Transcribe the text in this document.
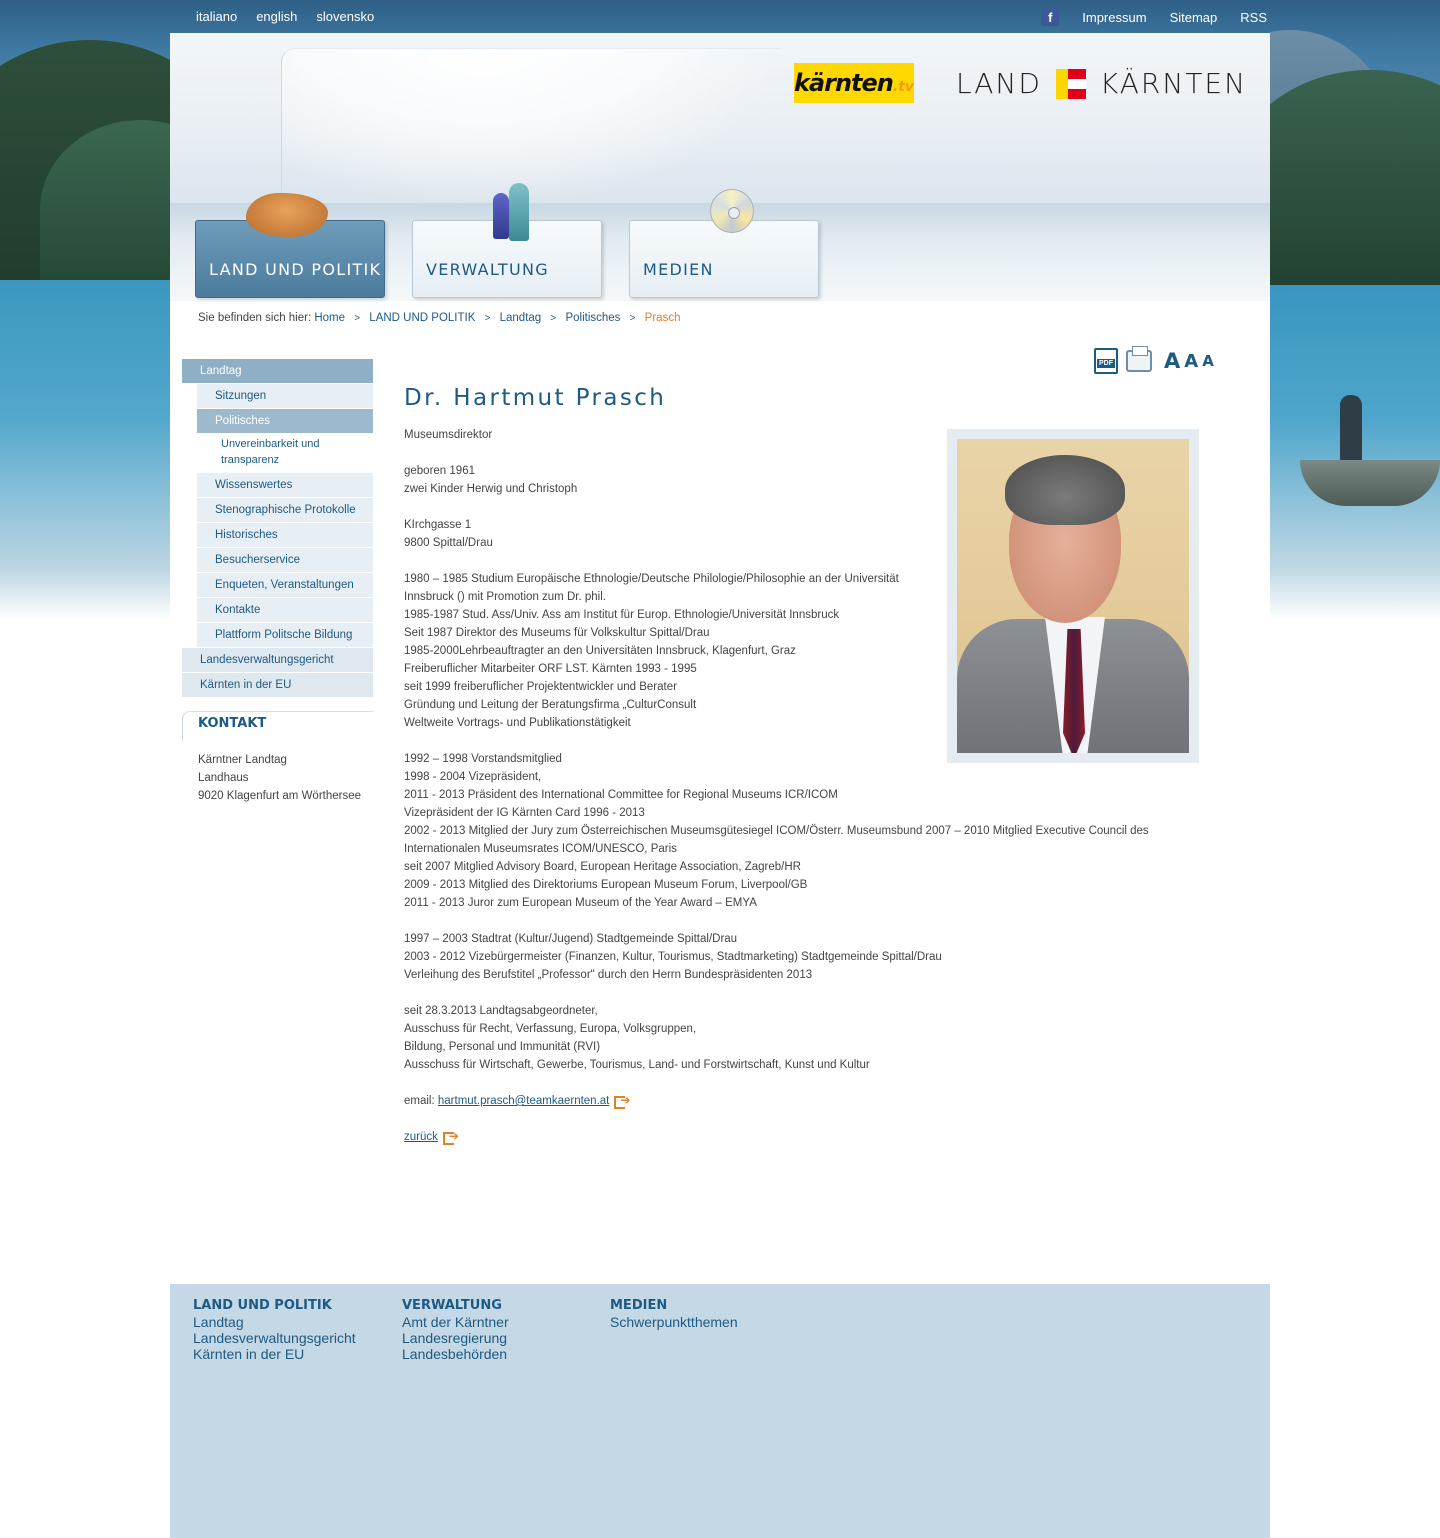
italiano english slovensko	f	Impressum Sitemap RSS
kärnten .tv LAND KÄRNTEN
LAND UND POLITIK	VERWALTUNG	MEDIEN
Sie befinden sich hier: Home > LAND UND POLITIK > Landtag > Politisches > Prasch
Landtag
Sitzungen
Politisches
Unvereinbarkeit und transparenz
Wissenswertes
Stenographische Protokolle
Historisches
Besucherservice
Enqueten, Veranstaltungen
Kontakte
Plattform Politsche Bildung
Landesverwaltungsgericht
Kärnten in der EU
KONTAKT
Kärntner Landtag
Landhaus
9020 Klagenfurt am Wörthersee
PDF A A A
Dr. Hartmut Prasch
Museumsdirektor
geboren 1961
zwei Kinder Herwig und Christoph
KIrchgasse 1
9800 Spittal/Drau
1980 – 1985 Studium Europäische Ethnologie/Deutsche Philologie/Philosophie an der Universität
Innsbruck () mit Promotion zum Dr. phil.
1985-1987 Stud. Ass/Univ. Ass am Institut für Europ. Ethnologie/Universität Innsbruck
Seit 1987 Direktor des Museums für Volkskultur Spittal/Drau
1985-2000Lehrbeauftragter an den Universitäten Innsbruck, Klagenfurt, Graz
Freiberuflicher Mitarbeiter ORF LST. Kärnten 1993 - 1995
seit 1999 freiberuflicher Projektentwickler und Berater
Gründung und Leitung der Beratungsfirma „CulturConsult
Weltweite Vortrags- und Publikationstätigkeit
1992 – 1998 Vorstandsmitglied
1998 - 2004 Vizepräsident,
2011 - 2013 Präsident des International Committee for Regional Museums ICR/ICOM
Vizepräsident der IG Kärnten Card 1996 - 2013
2002 - 2013 Mitglied der Jury zum Österreichischen Museumsgütesiegel ICOM/Österr. Museumsbund 2007 – 2010 Mitglied Executive Council des
Internationalen Museumsrates ICOM/UNESCO, Paris
seit 2007 Mitglied Advisory Board, European Heritage Association, Zagreb/HR
2009 - 2013 Mitglied des Direktoriums European Museum Forum, Liverpool/GB
2011 - 2013 Juror zum European Museum of the Year Award – EMYA
1997 – 2003 Stadtrat (Kultur/Jugend) Stadtgemeinde Spittal/Drau
2003 - 2012 Vizebürgermeister (Finanzen, Kultur, Tourismus, Stadtmarketing) Stadtgemeinde Spittal/Drau
Verleihung des Berufstitel „Professor" durch den Herrn Bundespräsidenten 2013
seit 28.3.2013 Landtagsabgeordneter,
Ausschuss für Recht, Verfassung, Europa, Volksgruppen,
Bildung, Personal und Immunität (RVI)
Ausschuss für Wirtschaft, Gewerbe, Tourismus, Land- und Forstwirtschaft, Kunst und Kultur
email: hartmut.prasch@teamkaernten.at➔
zurück➔
LAND UND POLITIK
Landtag
Landesverwaltungsgericht
Kärnten in der EU
VERWALTUNG
Amt der Kärntner
Landesregierung
Landesbehörden
MEDIEN
Schwerpunktthemen
